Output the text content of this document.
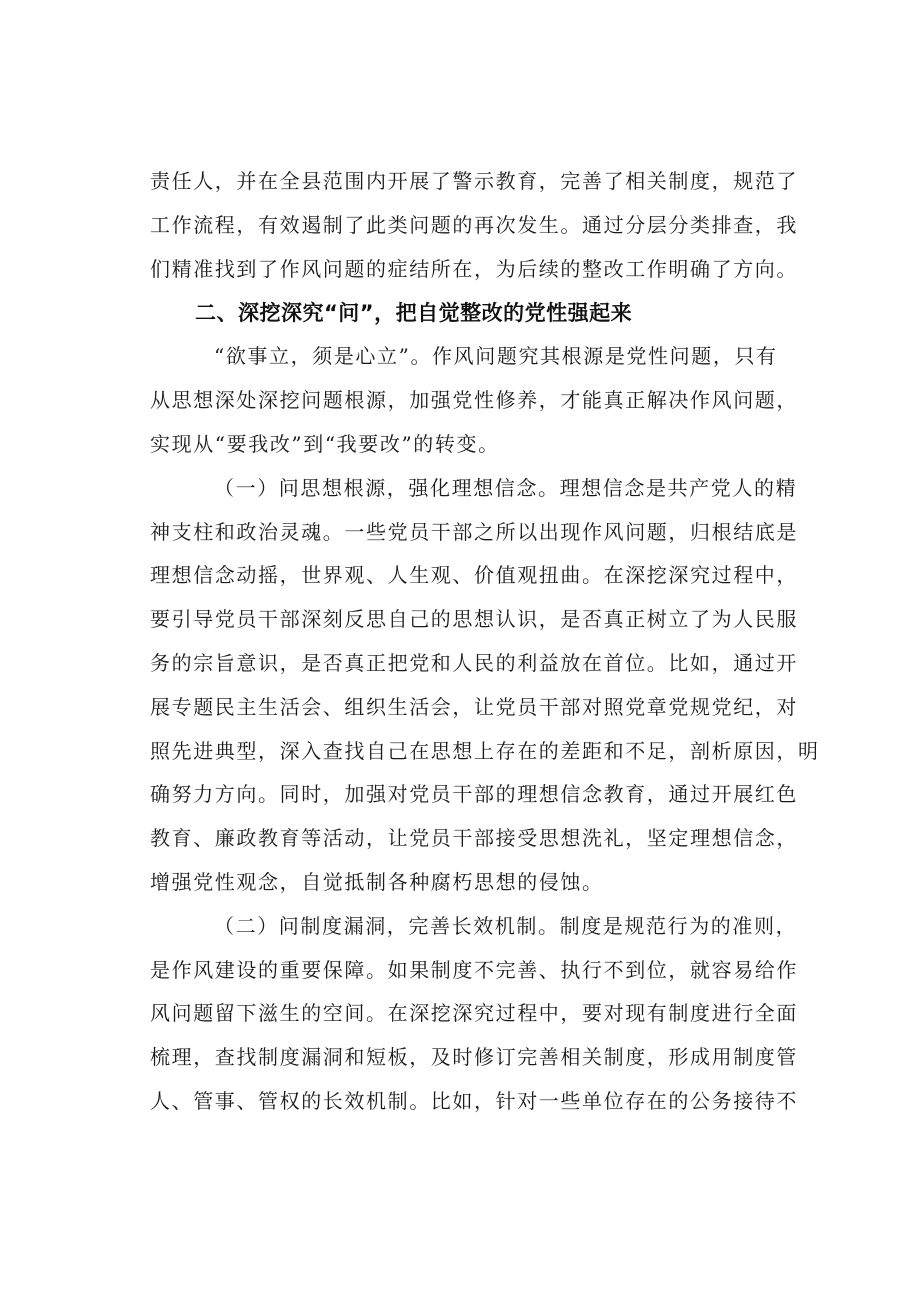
责任人，并在全县范围内开展了警示教育，完善了相关制度，规范了
工作流程，有效遏制了此类问题的再次发生。通过分层分类排查，我
们精准找到了作风问题的症结所在，为后续的整改工作明确了方向。
二、深挖深究“问”，把自觉整改的党性强起来
“欲事立，须是心立”。作风问题究其根源是党性问题，只有
从思想深处深挖问题根源，加强党性修养，才能真正解决作风问题，
实现从“要我改”到“我要改”的转变。
（一）问思想根源，强化理想信念。理想信念是共产党人的精
神支柱和政治灵魂。一些党员干部之所以出现作风问题，归根结底是
理想信念动摇，世界观、人生观、价值观扭曲。在深挖深究过程中，
要引导党员干部深刻反思自己的思想认识，是否真正树立了为人民服
务的宗旨意识，是否真正把党和人民的利益放在首位。比如，通过开
展专题民主生活会、组织生活会，让党员干部对照党章党规党纪，对
照先进典型，深入查找自己在思想上存在的差距和不足，剖析原因，明
确努力方向。同时，加强对党员干部的理想信念教育，通过开展红色
教育、廉政教育等活动，让党员干部接受思想洗礼，坚定理想信念，
增强党性观念，自觉抵制各种腐朽思想的侵蚀。
（二）问制度漏洞，完善长效机制。制度是规范行为的准则，
是作风建设的重要保障。如果制度不完善、执行不到位，就容易给作
风问题留下滋生的空间。在深挖深究过程中，要对现有制度进行全面
梳理，查找制度漏洞和短板，及时修订完善相关制度，形成用制度管
人、管事、管权的长效机制。比如，针对一些单位存在的公务接待不
